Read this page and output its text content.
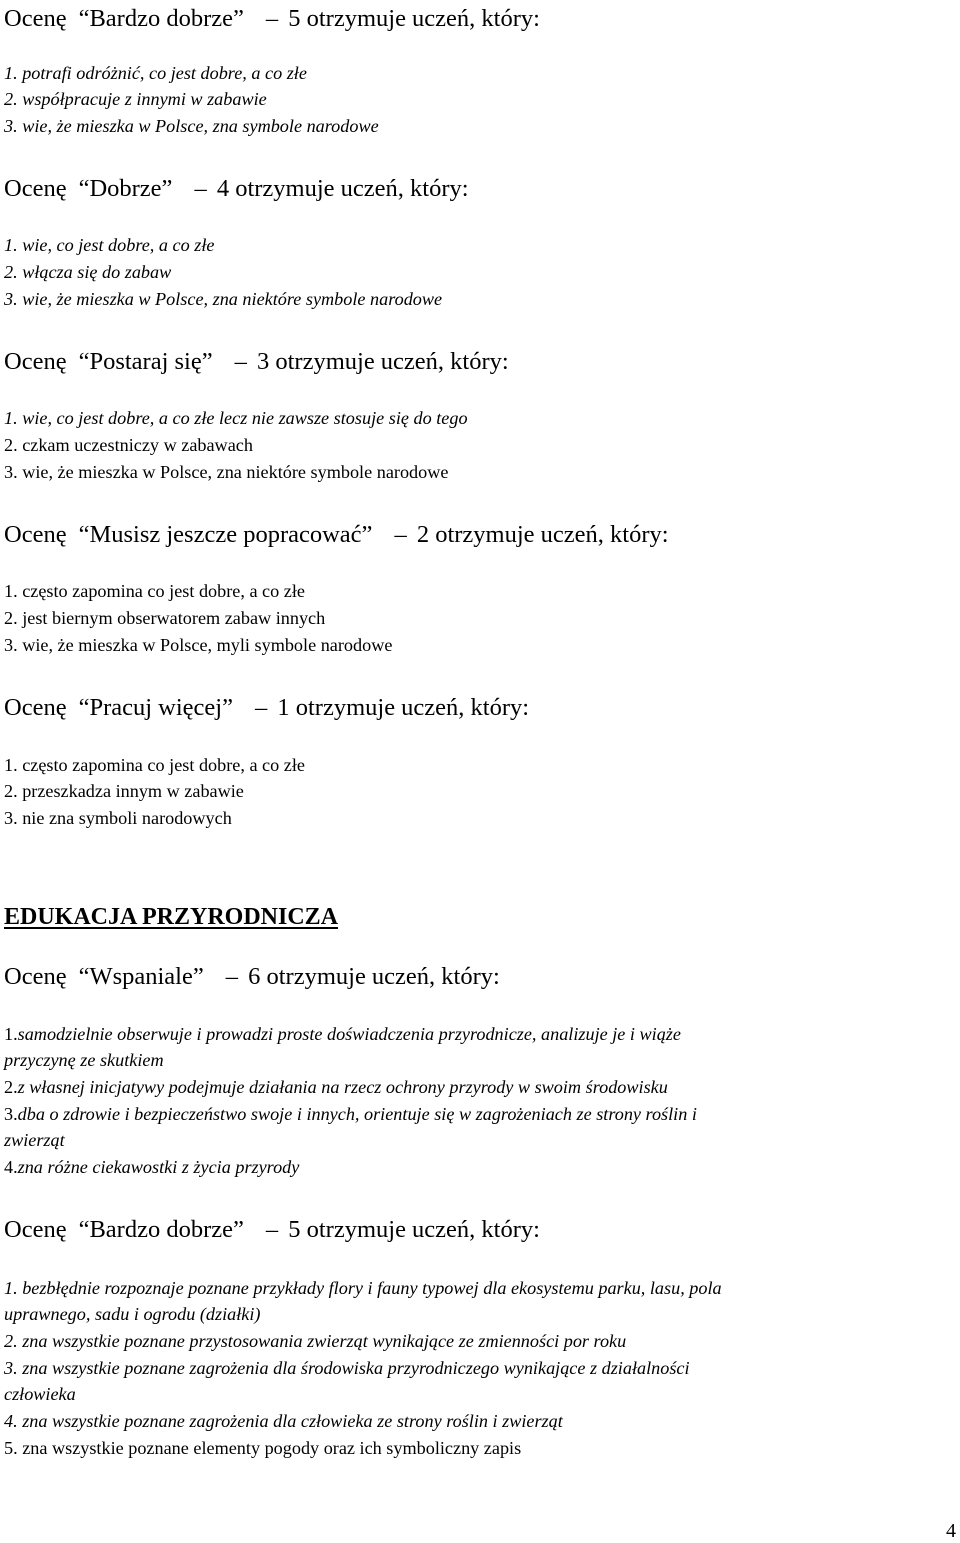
Ocenę “Bardzo dobrze” – 5 otrzymuje uczeń, który:
1. potrafi odróżnić, co jest dobre, a co złe
2. współpracuje z innymi w zabawie
3. wie, że mieszka w Polsce, zna symbole narodowe
Ocenę “Dobrze” – 4 otrzymuje uczeń, który:
1. wie, co jest dobre, a co złe
2. włącza się do zabaw
3. wie, że mieszka w Polsce, zna niektóre symbole narodowe
Ocenę “Postaraj się” – 3 otrzymuje uczeń, który:
1. wie, co jest dobre, a co złe lecz nie zawsze stosuje się do tego
2. czkam uczestniczy w zabawach
3. wie, że mieszka w Polsce, zna niektóre symbole narodowe
Ocenę “Musisz jeszcze popracować” – 2 otrzymuje uczeń, który:
1. często zapomina co jest dobre, a co złe
2. jest biernym obserwatorem zabaw innych
3. wie, że mieszka w Polsce, myli symbole narodowe
Ocenę “Pracuj więcej” – 1 otrzymuje uczeń, który:
1. często zapomina co jest dobre, a co złe
2. przeszkadza innym w zabawie
3. nie zna symboli narodowych
EDUKACJA PRZYRODNICZA
Ocenę “Wspaniale” – 6 otrzymuje uczeń, który:
1.samodzielnie obserwuje i prowadzi proste doświadczenia przyrodnicze, analizuje je i wiąże
przyczynę ze skutkiem
2.z własnej inicjatywy podejmuje działania na rzecz ochrony przyrody w swoim środowisku
3.dba o zdrowie i bezpieczeństwo swoje i innych, orientuje się w zagrożeniach ze strony roślin i
zwierząt
4.zna różne ciekawostki z życia przyrody
Ocenę “Bardzo dobrze” – 5 otrzymuje uczeń, który:
1. bezbłędnie rozpoznaje poznane przykłady flory i fauny typowej dla ekosystemu parku, lasu, pola
uprawnego, sadu i ogrodu (działki)
2. zna wszystkie poznane przystosowania zwierząt wynikające ze zmienności por roku
3. zna wszystkie poznane zagrożenia dla środowiska przyrodniczego wynikające z działalności
człowieka
4. zna wszystkie poznane zagrożenia dla człowieka ze strony roślin i zwierząt
5. zna wszystkie poznane elementy pogody oraz ich symboliczny zapis
4
